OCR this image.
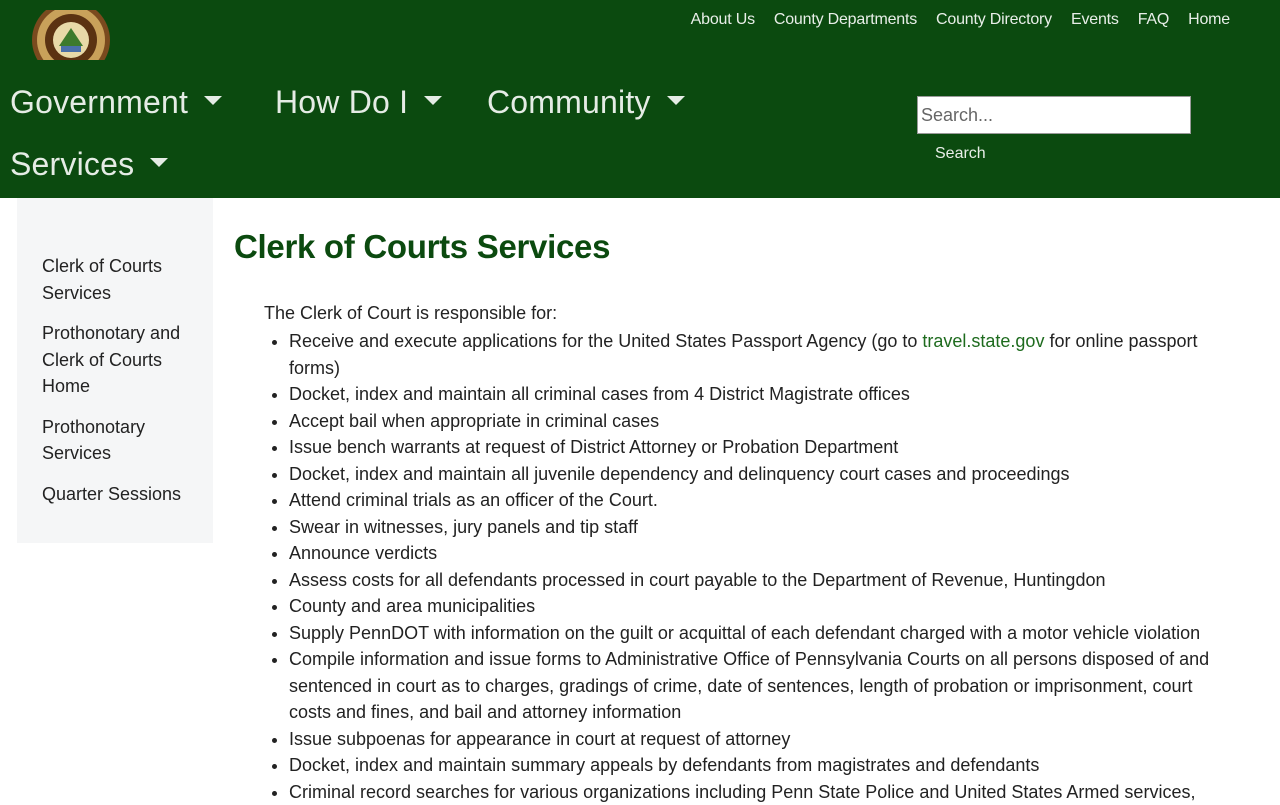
About Us County Departments County Directory Events FAQ Home
Government	How Do I	Community
Services
Search...	Search
Clerk of Courts Services
Prothonotary and Clerk of Courts Home
Prothonotary Services
Quarter Sessions
Clerk of Courts Services

The Clerk of Court is responsible for:

• Receive and execute applications for the United States Passport Agency (go to travel.state.gov for online passport forms)
• Docket, index and maintain all criminal cases from 4 District Magistrate offices
• Accept bail when appropriate in criminal cases
• Issue bench warrants at request of District Attorney or Probation Department
• Docket, index and maintain all juvenile dependency and delinquency court cases and proceedings
• Attend criminal trials as an officer of the Court.
• Swear in witnesses, jury panels and tip staff
• Announce verdicts
• Assess costs for all defendants processed in court payable to the Department of Revenue, Huntingdon
• County and area municipalities
• Supply PennDOT with information on the guilt or acquittal of each defendant charged with a motor vehicle violation
• Compile information and issue forms to Administrative Office of Pennsylvania Courts on all persons disposed of and sentenced in court as to charges, gradings of crime, date of sentences, length of probation or imprisonment, court costs and fines, and bail and attorney information
• Issue subpoenas for appearance in court at request of attorney
• Docket, index and maintain summary appeals by defendants from magistrates and defendants
• Criminal record searches for various organizations including Penn State Police and United States Armed services,
